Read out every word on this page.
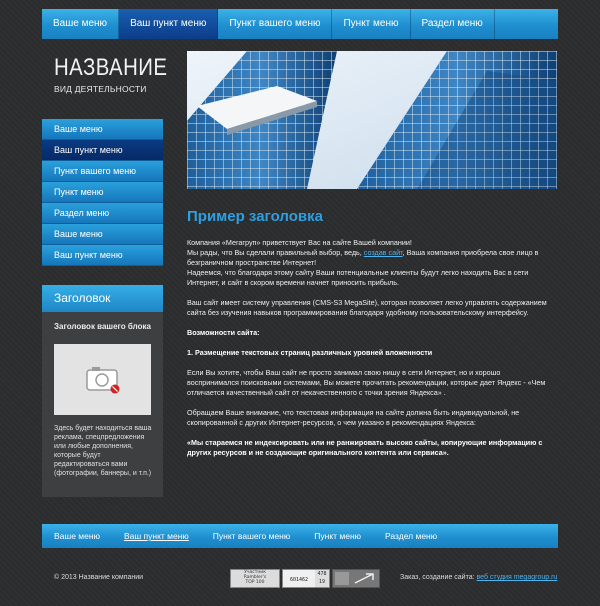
Ваше меню	Ваш пункт меню	Пункт вашего меню	Пункт меню	Раздел меню
НАЗВАНИЕ
ВИД ДЕЯТЕЛЬНОСТИ
Ваше меню
Ваш пункт меню
Пункт вашего меню
Пункт меню
Раздел меню
Ваше меню
Ваш пункт меню
Заголовок
Заголовок вашего блока
Здесь будет находиться ваша реклама, спецпредложения или любые дополнения, которые будут редактироваться вами (фотографии, баннеры, и т.п.)
Пример заголовка

Компания «Мегагруп» приветствует Вас на сайте Вашей компании!
Мы рады, что Вы сделали правильный выбор, ведь, создав сайт, Ваша компания приобрела свое лицо в безграничном пространстве Интернет!
Надеемся, что благодаря этому сайту Ваши потенциальные клиенты будут легко находить Вас в сети Интернет, и сайт в скором времени начнет приносить прибыль.

Ваш сайт имеет систему управления (CMS-S3 MegaSite), которая позволяет легко управлять содержанием сайта без изучения навыков программирования благодаря удобному пользовательскому интерфейсу.

Возможности сайта:

1. Размещение текстовых страниц различных уровней вложенности

Если Вы хотите, чтобы Ваш сайт не просто занимал свою нишу в сети Интернет, но и хорошо воспринимался поисковыми системами, Вы можете прочитать рекомендации, которые дает Яндекс - «Чем отличается качественный сайт от некачественного с точки зрения Яндекса» .

Обращаем Ваше внимание, что текстовая информация на сайте должна быть индивидуальной, не скопированной с других Интернет-ресурсов, о чем указано в рекомендациях Яндекса:

«Мы стараемся не индексировать или не ранжировать высоко сайты, копирующие информацию с других ресурсов и не создающие оригинального контента или сервиса».

Ваше меню	Ваш пункт меню	Пункт вашего меню	Пункт меню	Раздел меню
© 2013 Название компании
Участник
Rambler's
TOP 100	601462
478
19
Заказ, создание сайта: веб студия megagroup.ru
